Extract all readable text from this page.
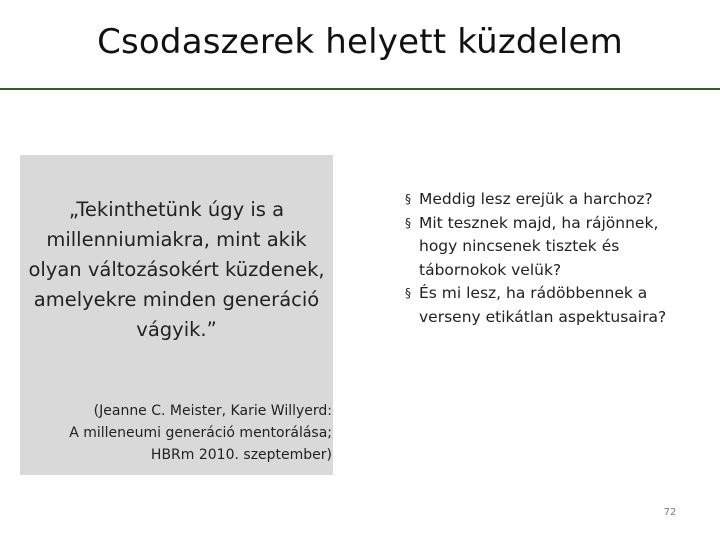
Csodaszerek helyett küzdelem
„Tekinthetünk úgy is a
millenniumiakra, mint akik
olyan változásokért küzdenek,
amelyekre minden generáció
vágyik.”
(Jeanne C. Meister, Karie Willyerd:
A milleneumi generáció mentorálása;
HBRm 2010. szeptember)
§ Meddig lesz erejük a harchoz?
§ Mit tesznek majd, ha rájönnek,
hogy nincsenek tisztek és
tábornokok velük?
§ És mi lesz, ha rádöbbennek a
verseny etikátlan aspektusaira?
72
